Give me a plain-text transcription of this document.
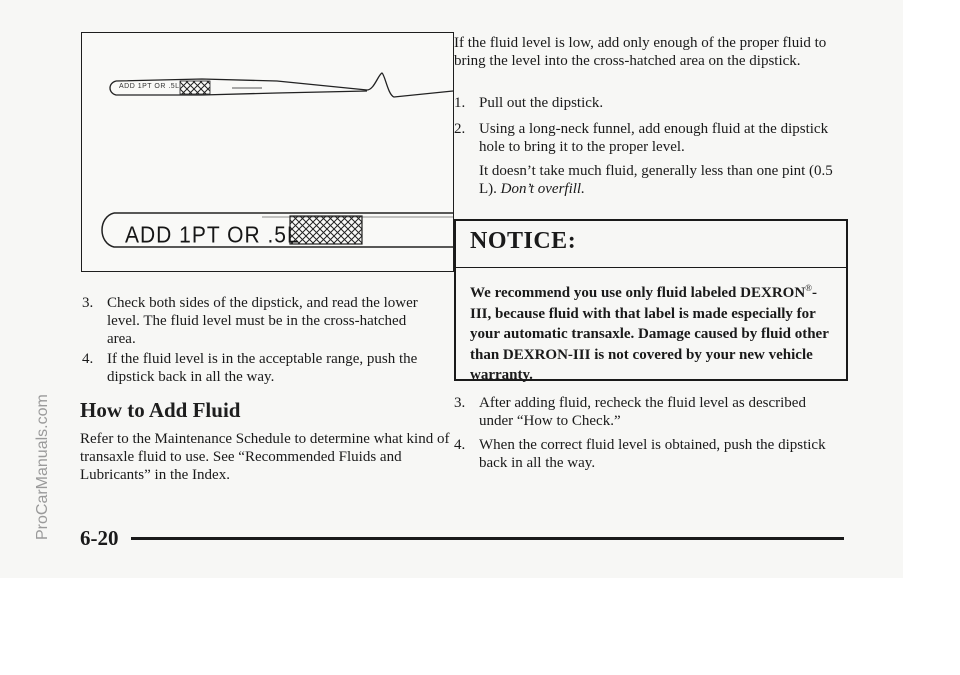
ADD 1PT OR .5L
ADD 1PT OR .5L
3. Check both sides of the dipstick, and read the lower level. The fluid level must be in the cross-hatched area.
4. If the fluid level is in the acceptable range, push the dipstick back in all the way.
How to Add Fluid
Refer to the Maintenance Schedule to determine what kind of transaxle fluid to use. See “Recommended Fluids and Lubricants” in the Index.
If the fluid level is low, add only enough of the proper fluid to bring the level into the cross-hatched area on the dipstick.
1. Pull out the dipstick.
2. Using a long-neck funnel, add enough fluid at the dipstick hole to bring it to the proper level.
It doesn’t take much fluid, generally less than one pint (0.5 L). Don’t overfill.
NOTICE:
We recommend you use only fluid labeled DEXRON®-III, because fluid with that label is made especially for your automatic transaxle. Damage caused by fluid other than DEXRON-III is not covered by your new vehicle warranty.
3. After adding fluid, recheck the fluid level as described under “How to Check.”
4. When the correct fluid level is obtained, push the dipstick back in all the way.
6-20
ProCarManuals.com
